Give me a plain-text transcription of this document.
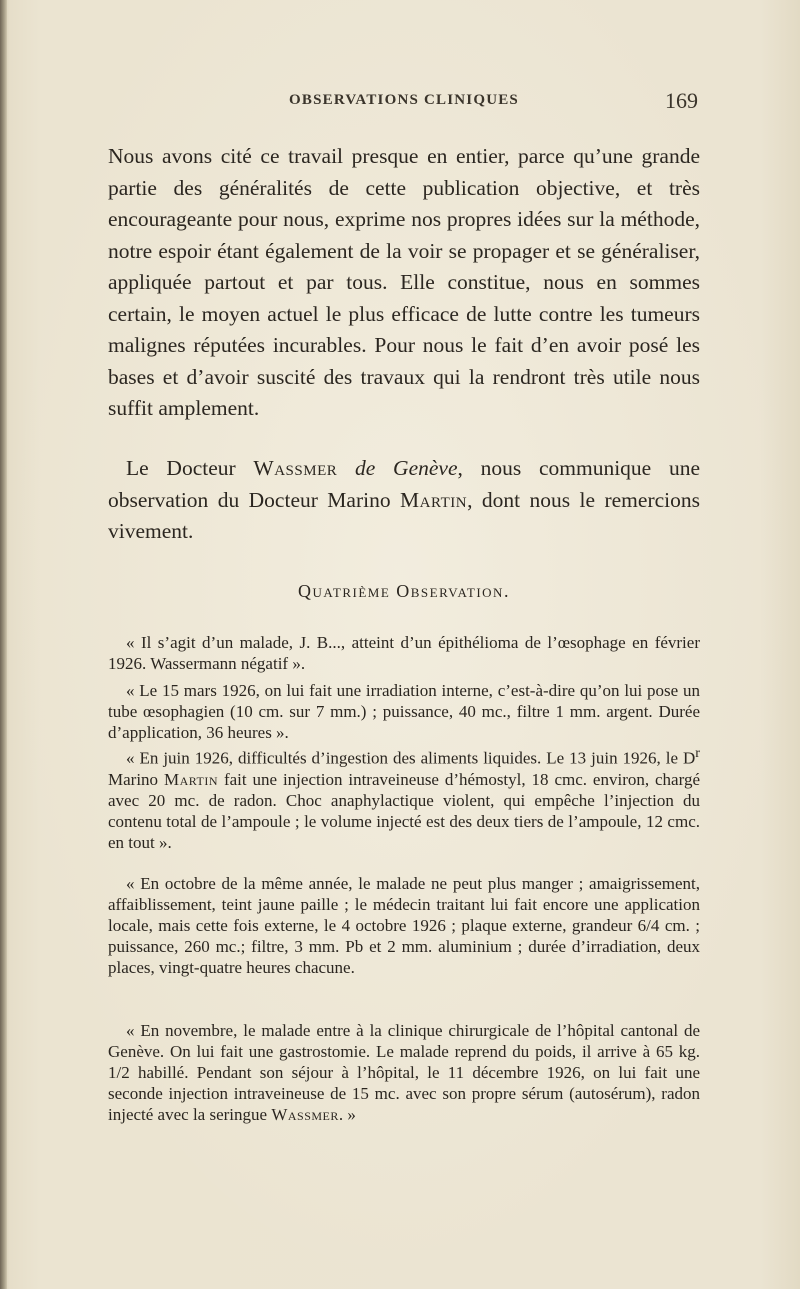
OBSERVATIONS CLINIQUES	169

Nous avons cité ce travail presque en entier, parce qu’une grande partie des généralités de cette publication objective, et très encourageante pour nous, exprime nos propres idées sur la méthode, notre espoir étant également de la voir se propager et se généraliser, appliquée partout et par tous. Elle constitue, nous en sommes certain, le moyen actuel le plus efficace de lutte contre les tumeurs malignes réputées incurables. Pour nous le fait d’en avoir posé les bases et d’avoir suscité des travaux qui la rendront très utile nous suffit amplement.

Le Docteur Wassmer de Genève, nous communique une observation du Docteur Marino Martin, dont nous le remercions vivement.

Quatrième Observation.

« Il s’agit d’un malade, J. B..., atteint d’un épithélioma de l’œsophage en février 1926. Wassermann négatif ».

« Le 15 mars 1926, on lui fait une irradiation interne, c’est-à-dire qu’on lui pose un tube œsophagien (10 cm. sur 7 mm.) ; puissance, 40 mc., filtre 1 mm. argent. Durée d’application, 36 heures ».

« En juin 1926, difficultés d’ingestion des aliments liquides. Le 13 juin 1926, le $D^r$ Marino Martin fait une injection intraveineuse d’hémostyl, 18 cmc. environ, chargé avec 20 mc. de radon. Choc anaphylactique violent, qui empêche l’injection du contenu total de l’ampoule ; le volume injecté est des deux tiers de l’ampoule, 12 cmc. en tout ».

« En octobre de la même année, le malade ne peut plus manger ; amaigrissement, affaiblissement, teint jaune paille ; le médecin traitant lui fait encore une application locale, mais cette fois externe, le 4 octobre 1926 ; plaque externe, grandeur 6/4 cm. ; puissance, 260 mc.; filtre, 3 mm. Pb et 2 mm. aluminium ; durée d’irradiation, deux places, vingt-quatre heures chacune.

« En novembre, le malade entre à la clinique chirurgicale de l’hôpital cantonal de Genève. On lui fait une gastrostomie. Le malade reprend du poids, il arrive à 65 kg. 1/2 habillé. Pendant son séjour à l’hôpital, le 11 décembre 1926, on lui fait une seconde injection intraveineuse de 15 mc. avec son propre sérum (autosérum), radon injecté avec la seringue Wassmer. »
